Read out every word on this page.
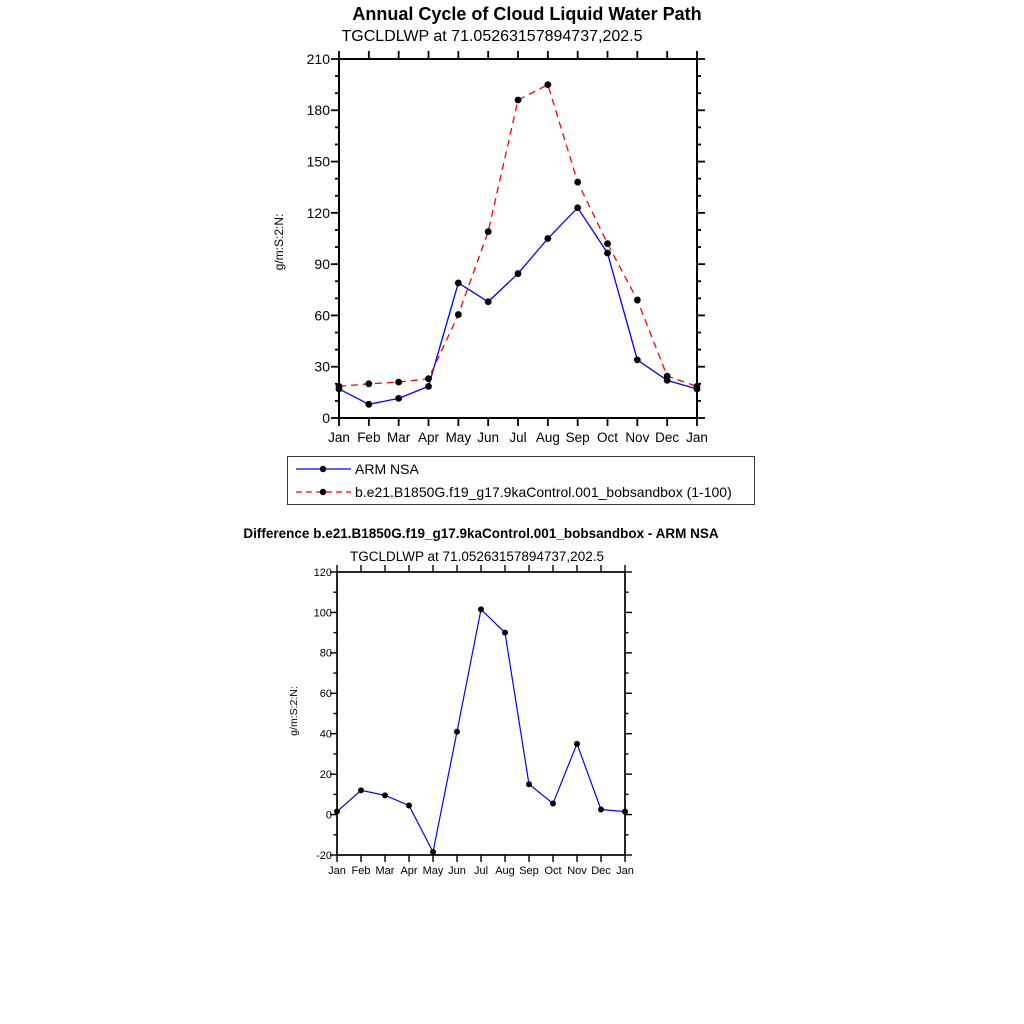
Annual Cycle of Cloud Liquid Water Path
TGCLDLWP at 71.05263157894737,202.5
Jan Feb Mar Apr May Jun Jul Aug Sep Oct Nov Dec Jan
0
30
60
90
120
150
180
210
g/m:S:2:N:
Jan Feb Mar Apr May Jun Jul Aug Sep Oct Nov Dec Jan
-20
0
20
40
60
80
100
120
g/m:S:2:N:
ARM NSA
b.e21.B1850G.f19_g17.9kaControl.001_bobsandbox (1-100)
Difference b.e21.B1850G.f19_g17.9kaControl.001_bobsandbox - ARM NSA
TGCLDLWP at 71.05263157894737,202.5
